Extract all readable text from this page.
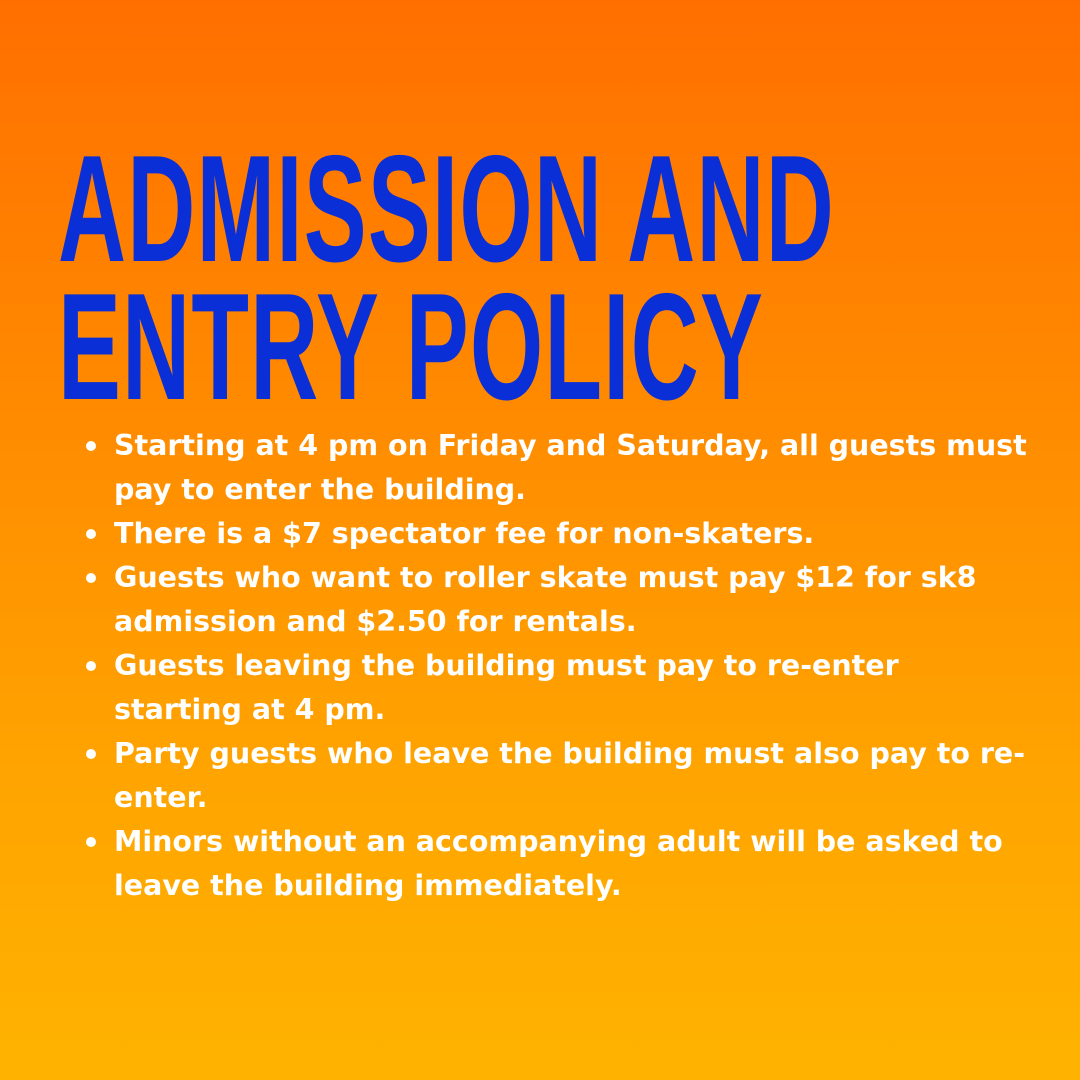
ADMISSION AND
ENTRY POLICY
Starting at 4 pm on Friday and Saturday, all guests must pay to enter the building.
There is a $7 spectator fee for non-skaters.
Guests who want to roller skate must pay $12 for sk8 admission and $2.50 for rentals.
Guests leaving the building must pay to re-enter starting at 4 pm.
Party guests who leave the building must also pay to re-enter.
Minors without an accompanying adult will be asked to leave the building immediately.
